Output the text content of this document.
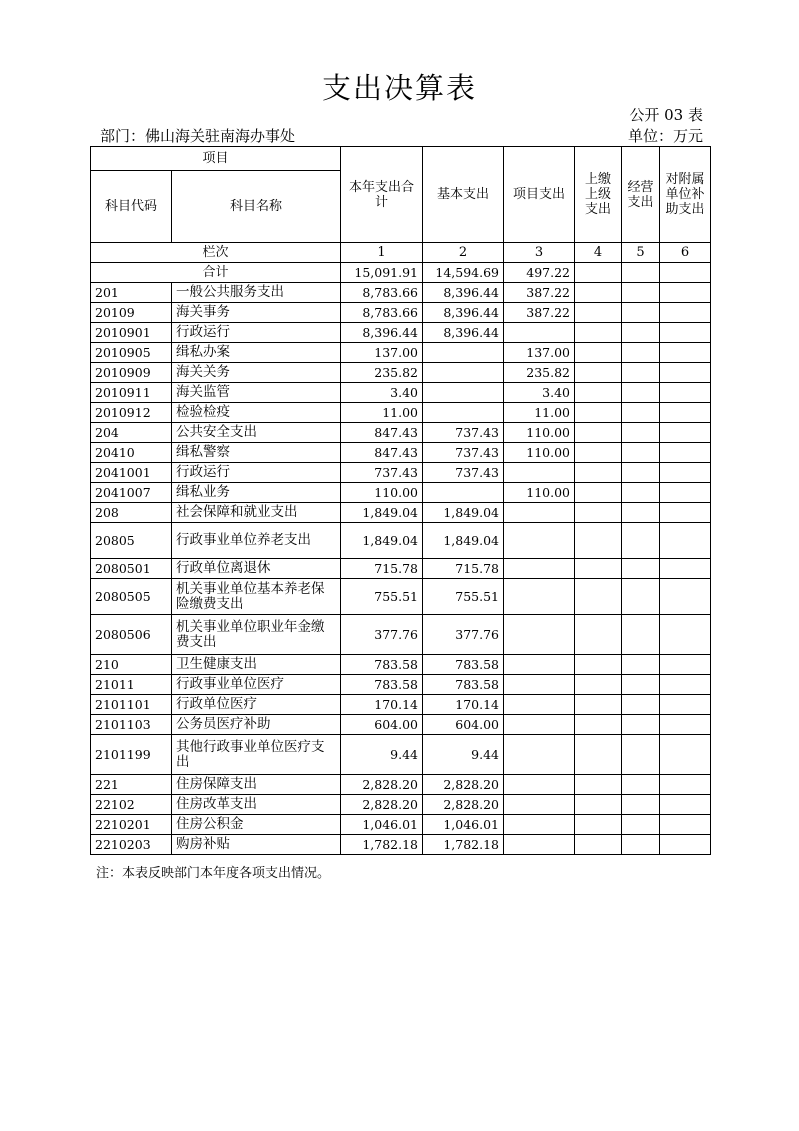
支出决算表
公开 03 表
部门：佛山海关驻南海办事处	单位：万元
项目		本年支出合计	基本支出	项目支出	上缴上级支出	经营支出	对附属单位补助支出
科目代码	科目名称						
栏次		1	2	3	4	5	6
合计		15,091.91	14,594.69	497.22			
201	一般公共服务支出	8,783.66	8,396.44	387.22			
20109	海关事务	8,783.66	8,396.44	387.22			
2010901	行政运行	8,396.44	8,396.44				
2010905	缉私办案	137.00		137.00			
2010909	海关关务	235.82		235.82			
2010911	海关监管	3.40		3.40			
2010912	检验检疫	11.00		11.00			
204	公共安全支出	847.43	737.43	110.00			
20410	缉私警察	847.43	737.43	110.00			
2041001	行政运行	737.43	737.43				
2041007	缉私业务	110.00		110.00			
208	社会保障和就业支出	1,849.04	1,849.04				
20805	行政事业单位养老支出	1,849.04	1,849.04				
2080501	行政单位离退休	715.78	715.78				
2080505	机关事业单位基本养老保险缴费支出	755.51	755.51				
2080506	机关事业单位职业年金缴费支出	377.76	377.76				
210	卫生健康支出	783.58	783.58				
21011	行政事业单位医疗	783.58	783.58				
2101101	行政单位医疗	170.14	170.14				
2101103	公务员医疗补助	604.00	604.00				
2101199	其他行政事业单位医疗支出	9.44	9.44				
221	住房保障支出	2,828.20	2,828.20				
22102	住房改革支出	2,828.20	2,828.20				
2210201	住房公积金	1,046.01	1,046.01				
2210203	购房补贴	1,782.18	1,782.18				
注：本表反映部门本年度各项支出情况。
